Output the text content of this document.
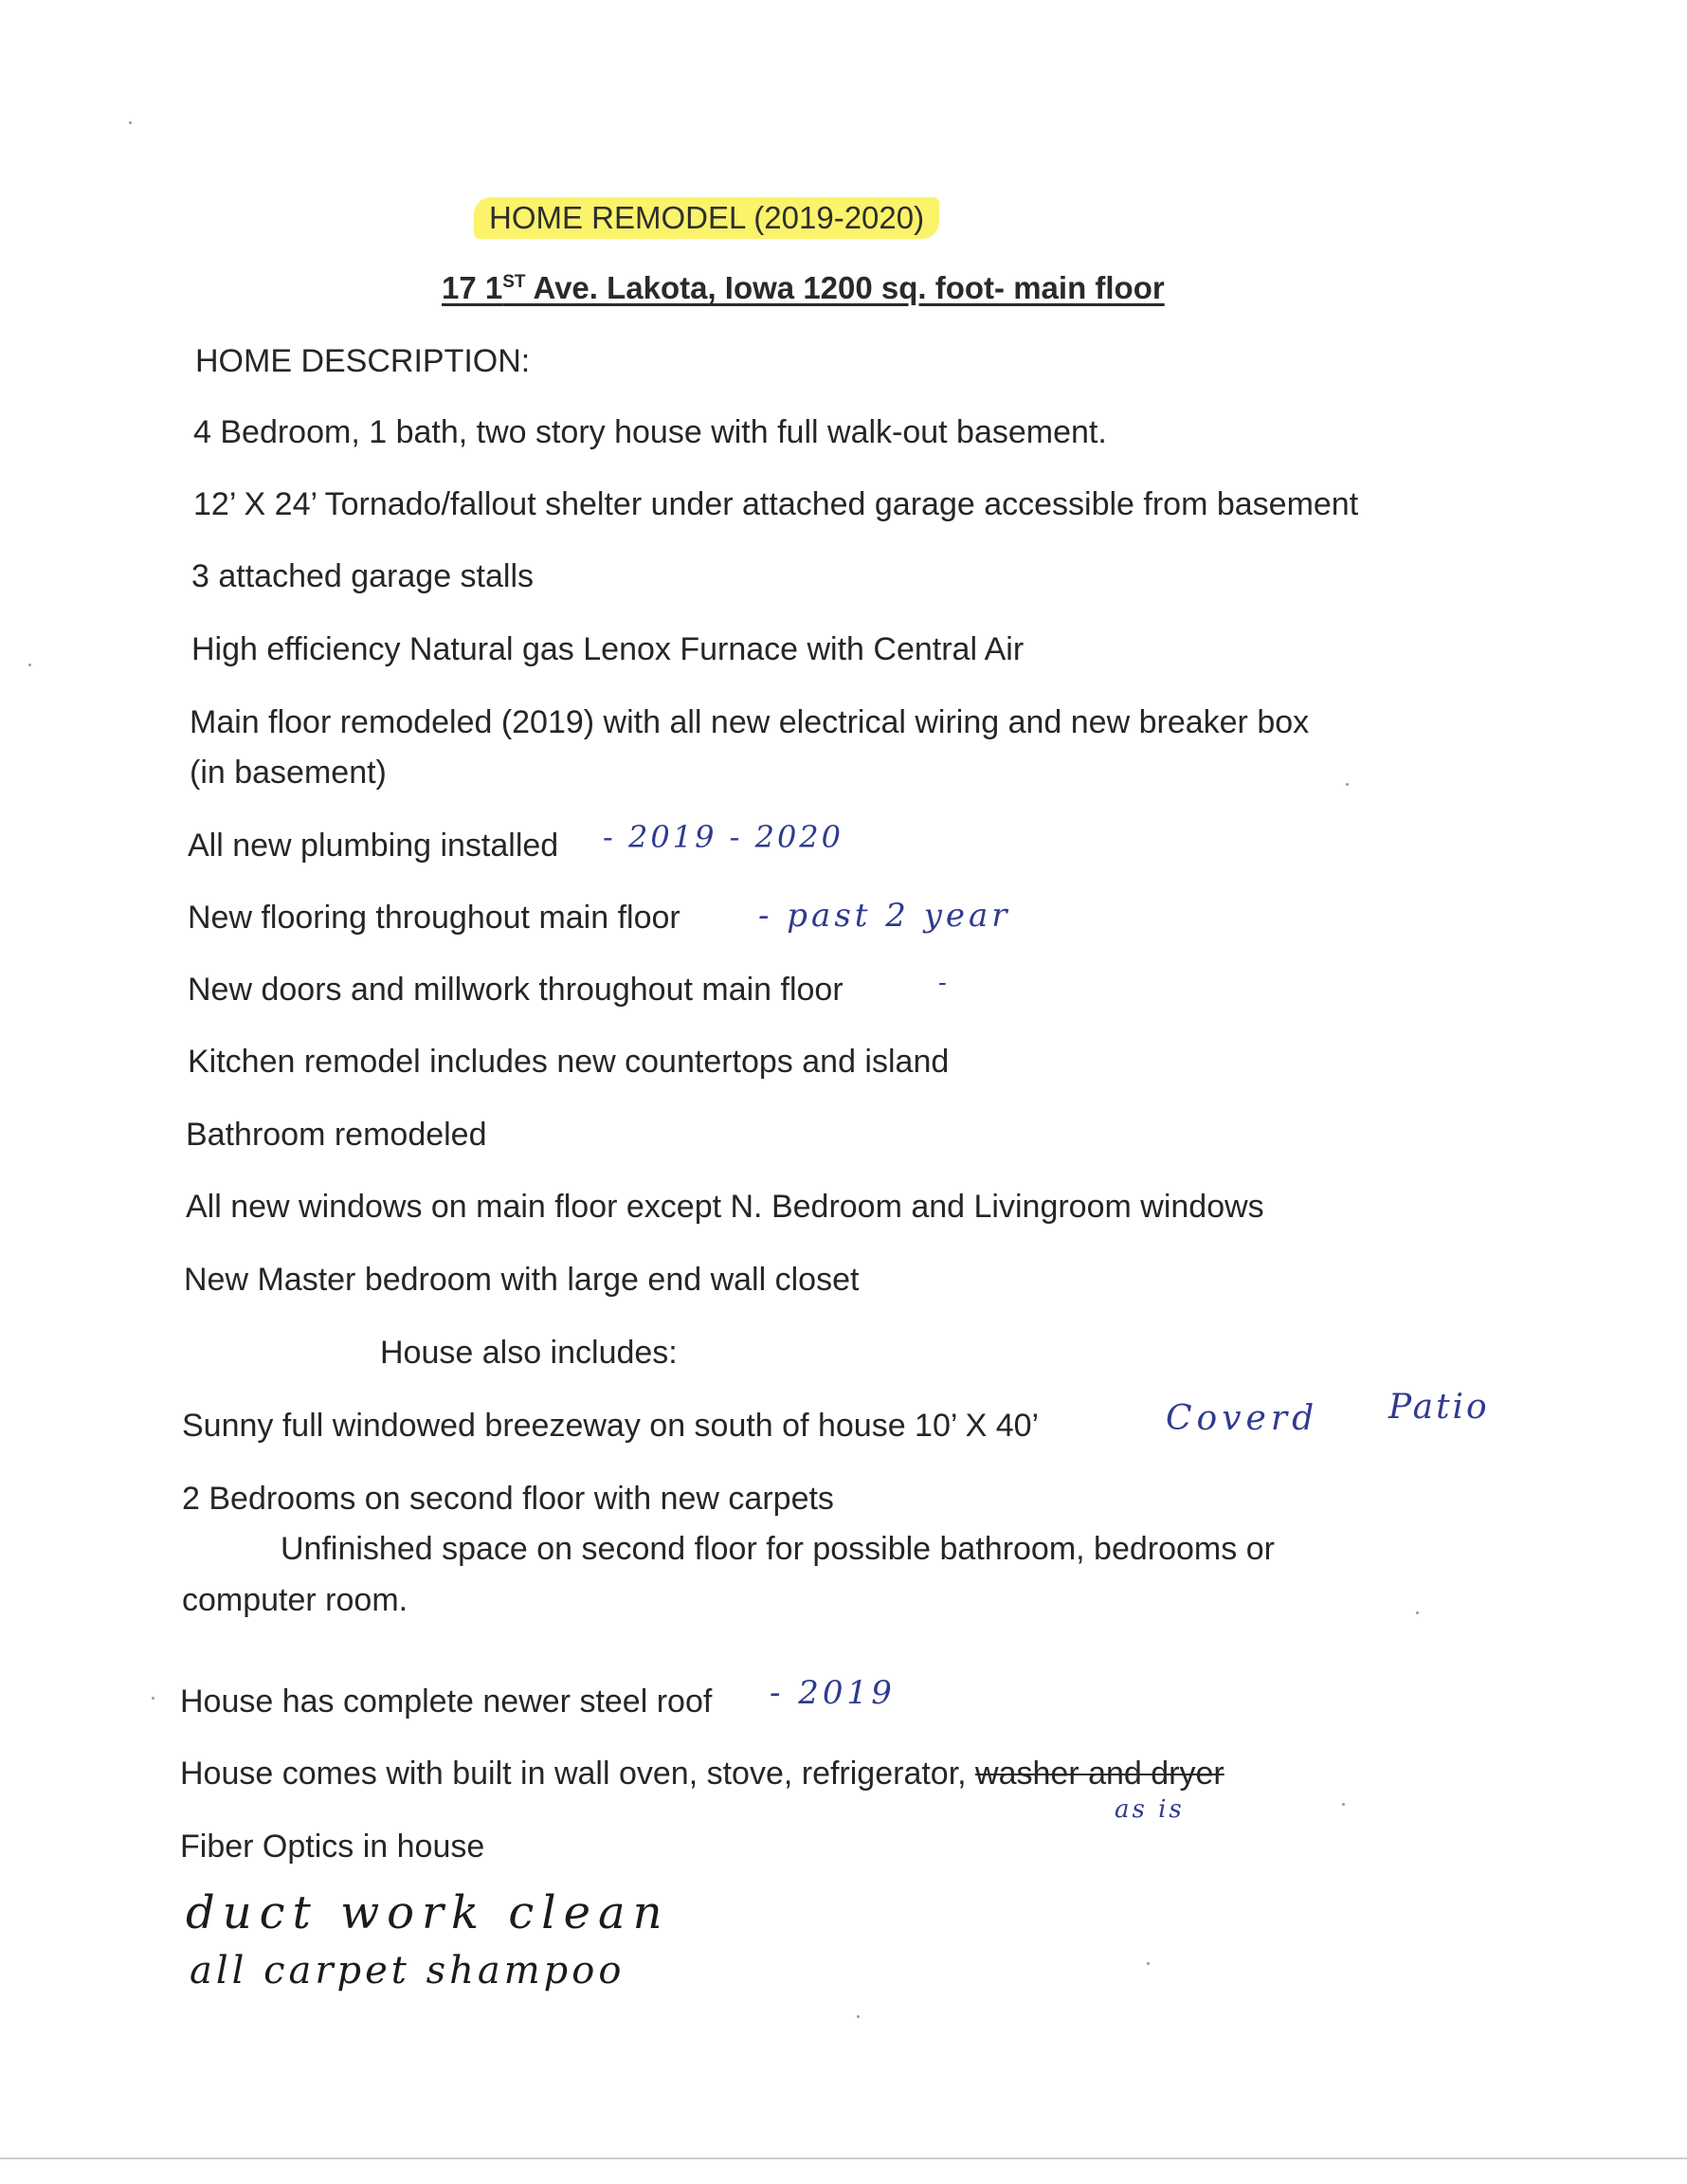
HOME REMODEL (2019-2020)
17 1ST Ave. Lakota, Iowa 1200 sq. foot- main floor
HOME DESCRIPTION:
4 Bedroom, 1 bath, two story house with full walk-out basement.
12’ X 24’ Tornado/fallout shelter under attached garage accessible from basement
3 attached garage stalls
High efficiency Natural gas Lenox Furnace with Central Air
Main floor remodeled (2019) with all new electrical wiring and new breaker box
(in basement)
All new plumbing installed - 2019 - 2020
New flooring throughout main floor - past 2 year
New doors and millwork throughout main floor	-
Kitchen remodel includes new countertops and island
Bathroom remodeled
All new windows on main floor except N. Bedroom and Livingroom windows
New Master bedroom with large end wall closet
House also includes:
Sunny full windowed breezeway on south of house 10’ X 40’	Coverd Patio
2 Bedrooms on second floor with new carpets
Unfinished space on second floor for possible bathroom, bedrooms or
computer room.
House has complete newer steel roof - 2019
House comes with built in wall oven, stove, refrigerator, washer and dryer
as is
Fiber Optics in house
duct work clean
all carpet shampoo
